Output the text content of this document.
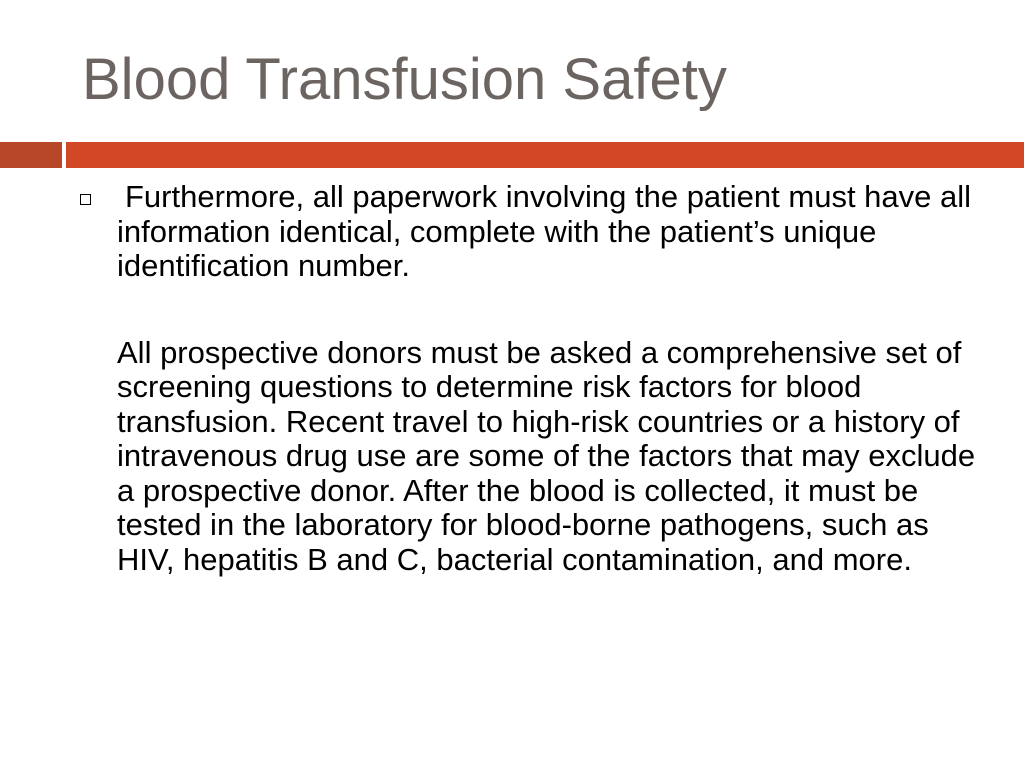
Blood Transfusion Safety

Furthermore, all paperwork involving the patient must have all information identical, complete with the patient’s unique identification number.

All prospective donors must be asked a comprehensive set of screening questions to determine risk factors for blood transfusion. Recent travel to high-risk countries or a history of intravenous drug use are some of the factors that may exclude a prospective donor. After the blood is collected, it must be tested in the laboratory for blood-borne pathogens, such as HIV, hepatitis B and C, bacterial contamination, and more.
